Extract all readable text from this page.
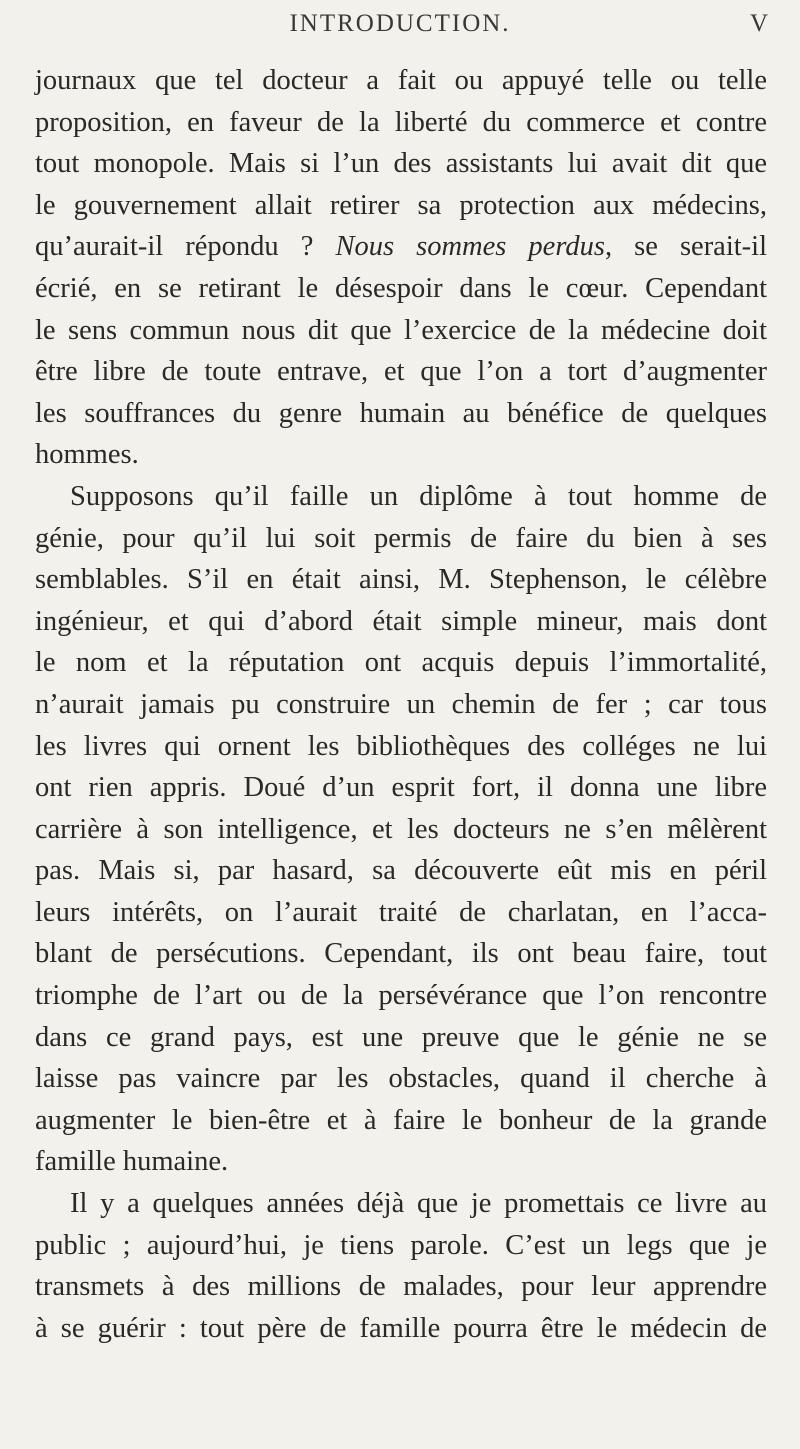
INTRODUCTION.	V
journaux que tel docteur a fait ou appuyé telle ou telle
proposition, en faveur de la liberté du commerce et contre
tout monopole. Mais si l’un des assistants lui avait dit que
le gouvernement allait retirer sa protection aux médecins,
qu’aurait-il répondu ? Nous sommes perdus, se serait-il
écrié, en se retirant le désespoir dans le cœur. Cependant
le sens commun nous dit que l’exercice de la médecine doit
être libre de toute entrave, et que l’on a tort d’augmenter
les souffrances du genre humain au bénéfice de quelques
hommes.
Supposons qu’il faille un diplôme à tout homme de
génie, pour qu’il lui soit permis de faire du bien à ses
semblables. S’il en était ainsi, M. Stephenson, le célèbre
ingénieur, et qui d’abord était simple mineur, mais dont
le nom et la réputation ont acquis depuis l’immortalité,
n’aurait jamais pu construire un chemin de fer ; car tous
les livres qui ornent les bibliothèques des colléges ne lui
ont rien appris. Doué d’un esprit fort, il donna une libre
carrière à son intelligence, et les docteurs ne s’en mêlèrent
pas. Mais si, par hasard, sa découverte eût mis en péril
leurs intérêts, on l’aurait traité de charlatan, en l’acca-
blant de persécutions. Cependant, ils ont beau faire, tout
triomphe de l’art ou de la persévérance que l’on rencontre
dans ce grand pays, est une preuve que le génie ne se
laisse pas vaincre par les obstacles, quand il cherche à
augmenter le bien-être et à faire le bonheur de la grande
famille humaine.
Il y a quelques années déjà que je promettais ce livre au
public ; aujourd’hui, je tiens parole. C’est un legs que je
transmets à des millions de malades, pour leur apprendre
à se guérir : tout père de famille pourra être le médecin de
